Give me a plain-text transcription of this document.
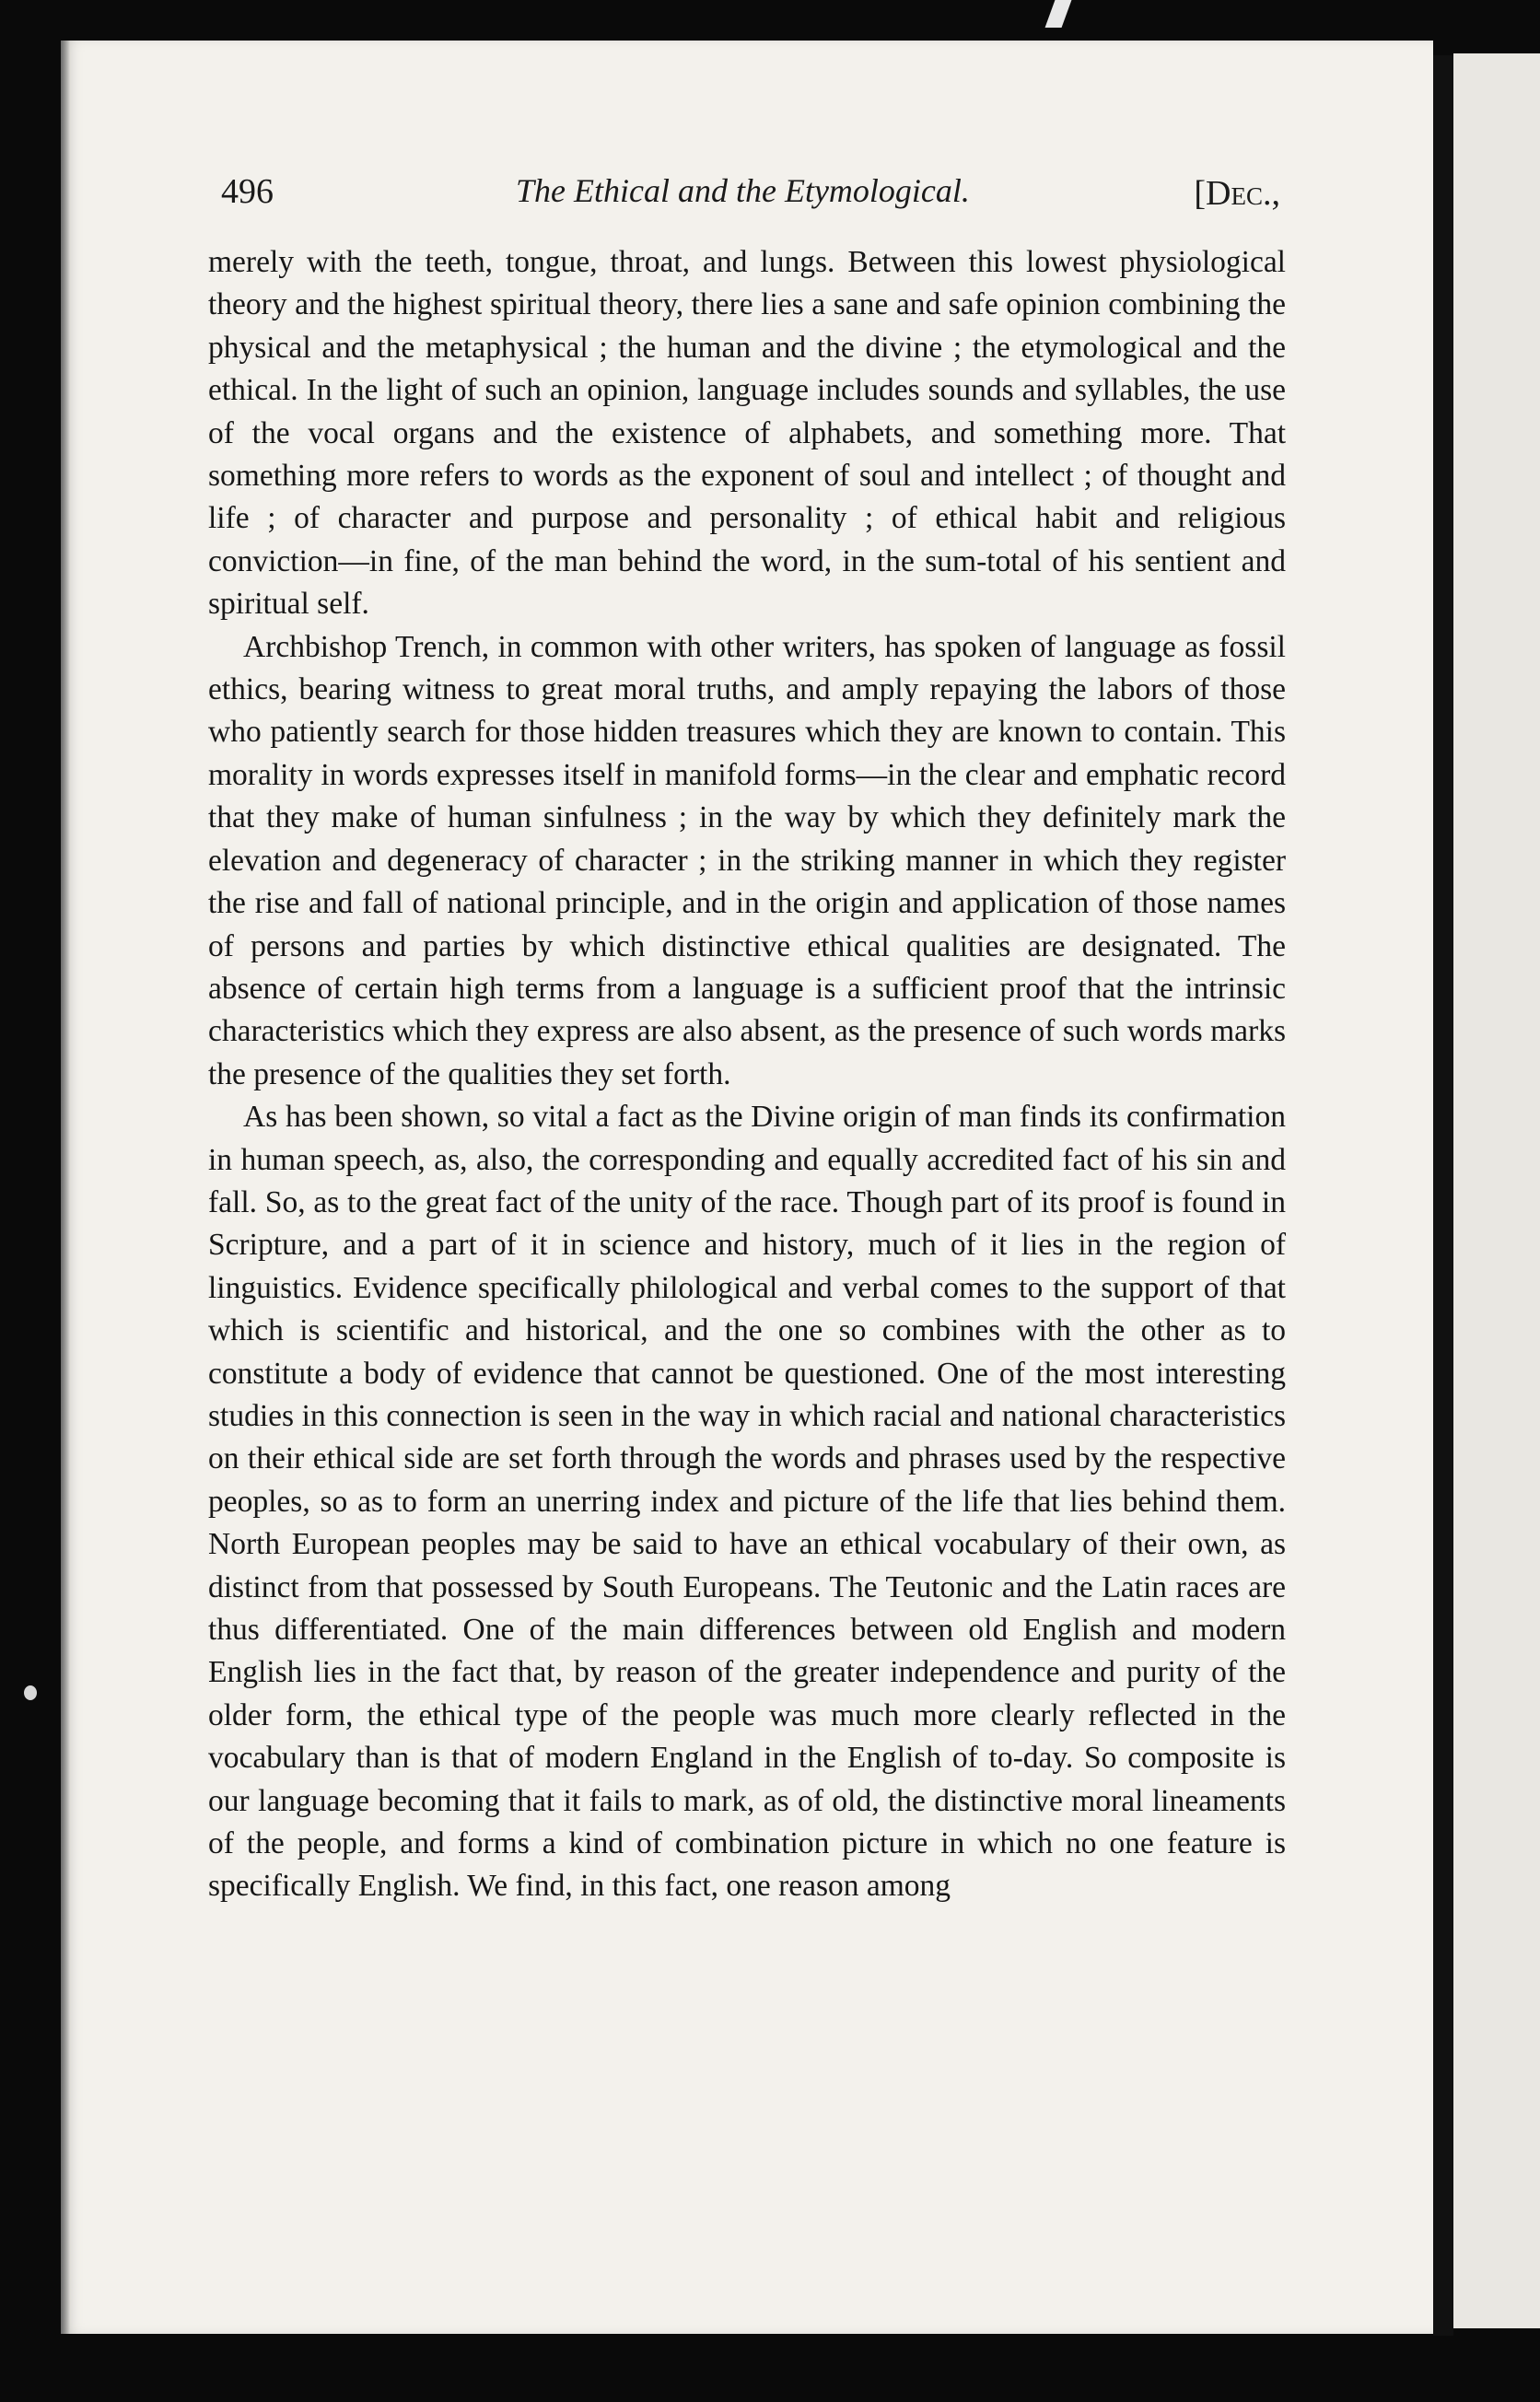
496	The Ethical and the Etymological.	[Dec.,

merely with the teeth, tongue, throat, and lungs. Between this lowest physiological theory and the highest spiritual theory, there lies a sane and safe opinion combining the physical and the metaphysical ; the human and the divine ; the etymological and the ethical. In the light of such an opinion, language includes sounds and syllables, the use of the vocal organs and the existence of alphabets, and something more. That something more refers to words as the exponent of soul and intellect ; of thought and life ; of character and purpose and personality ; of ethical habit and religious conviction—in fine, of the man behind the word, in the sum-total of his sentient and spiritual self.

Archbishop Trench, in common with other writers, has spoken of language as fossil ethics, bearing witness to great moral truths, and amply repaying the labors of those who patiently search for those hidden treasures which they are known to contain. This morality in words expresses itself in manifold forms—in the clear and emphatic record that they make of human sinfulness ; in the way by which they definitely mark the elevation and degeneracy of character ; in the striking manner in which they register the rise and fall of national principle, and in the origin and application of those names of persons and parties by which distinctive ethical qualities are designated. The absence of certain high terms from a language is a sufficient proof that the intrinsic characteristics which they express are also absent, as the presence of such words marks the presence of the qualities they set forth.

As has been shown, so vital a fact as the Divine origin of man finds its confirmation in human speech, as, also, the corresponding and equally accredited fact of his sin and fall. So, as to the great fact of the unity of the race. Though part of its proof is found in Scripture, and a part of it in science and history, much of it lies in the region of linguistics. Evidence specifically philological and verbal comes to the support of that which is scientific and historical, and the one so combines with the other as to constitute a body of evidence that cannot be questioned. One of the most interesting studies in this connection is seen in the way in which racial and national characteristics on their ethical side are set forth through the words and phrases used by the respective peoples, so as to form an unerring index and picture of the life that lies behind them. North European peoples may be said to have an ethical vocabulary of their own, as distinct from that possessed by South Europeans. The Teutonic and the Latin races are thus differentiated. One of the main differences between old English and modern English lies in the fact that, by reason of the greater independence and purity of the older form, the ethical type of the people was much more clearly reflected in the vocabulary than is that of modern England in the English of to-day. So composite is our language becoming that it fails to mark, as of old, the distinctive moral lineaments of the people, and forms a kind of combination picture in which no one feature is specifically English. We find, in this fact, one reason among
